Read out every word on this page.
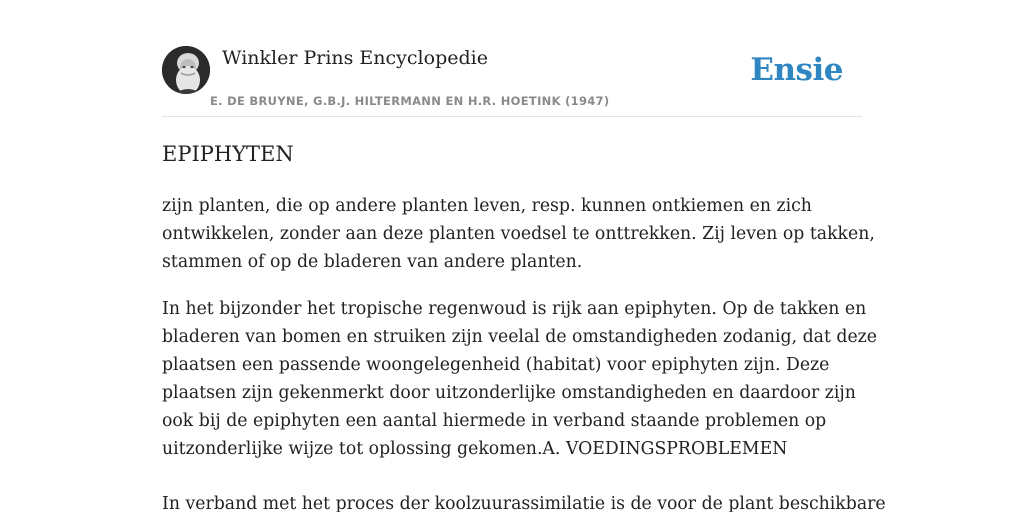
Winkler Prins Encyclopedie
E. DE BRUYNE, G.B.J. HILTERMANN EN H.R. HOETINK (1947)
Ensie
EPIPHYTEN

zijn planten, die op andere planten leven, resp. kunnen ontkiemen en zich
ontwikkelen, zonder aan deze planten voedsel te onttrekken. Zij leven op takken,
stammen of op de bladeren van andere planten.

In het bijzonder het tropische regenwoud is rijk aan epiphyten. Op de takken en
bladeren van bomen en struiken zijn veelal de omstandigheden zodanig, dat deze
plaatsen een passende woongelegenheid (habitat) voor epiphyten zijn. Deze
plaatsen zijn gekenmerkt door uitzonderlijke omstandigheden en daardoor zijn
ook bij de epiphyten een aantal hiermede in verband staande problemen op
uitzonderlijke wijze tot oplossing gekomen.A. VOEDINGSPROBLEMEN

In verband met het proces der koolzuurassimilatie is de voor de plant beschikbare
